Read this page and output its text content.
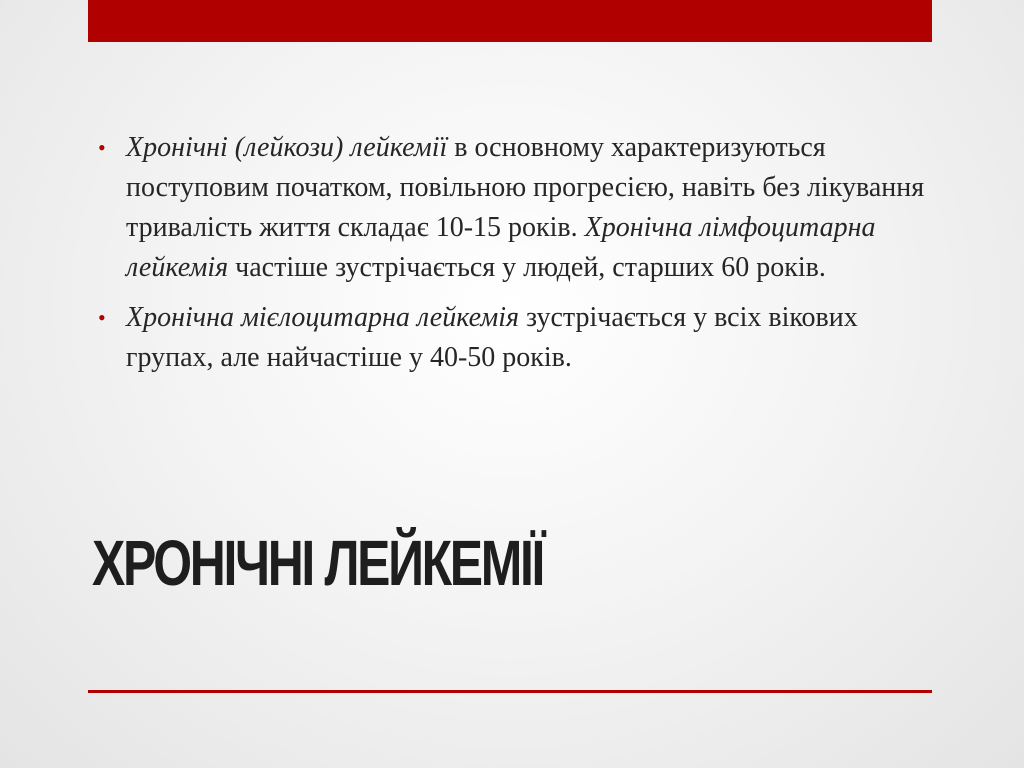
• Хронічні (лейкози) лейкемії в основному характеризуються поступовим початком, повільною прогресією, навіть без лікування тривалість життя складає 10-15 років. Хронічна лімфоцитарна лейкемія частіше зустрічається у людей, старших 60 років.
• Хронічна мієлоцитарна лейкемія зустрічається у всіх вікових групах, але найчастіше у 40-50 років.
ХРОНІЧНІ ЛЕЙКЕМІЇ
